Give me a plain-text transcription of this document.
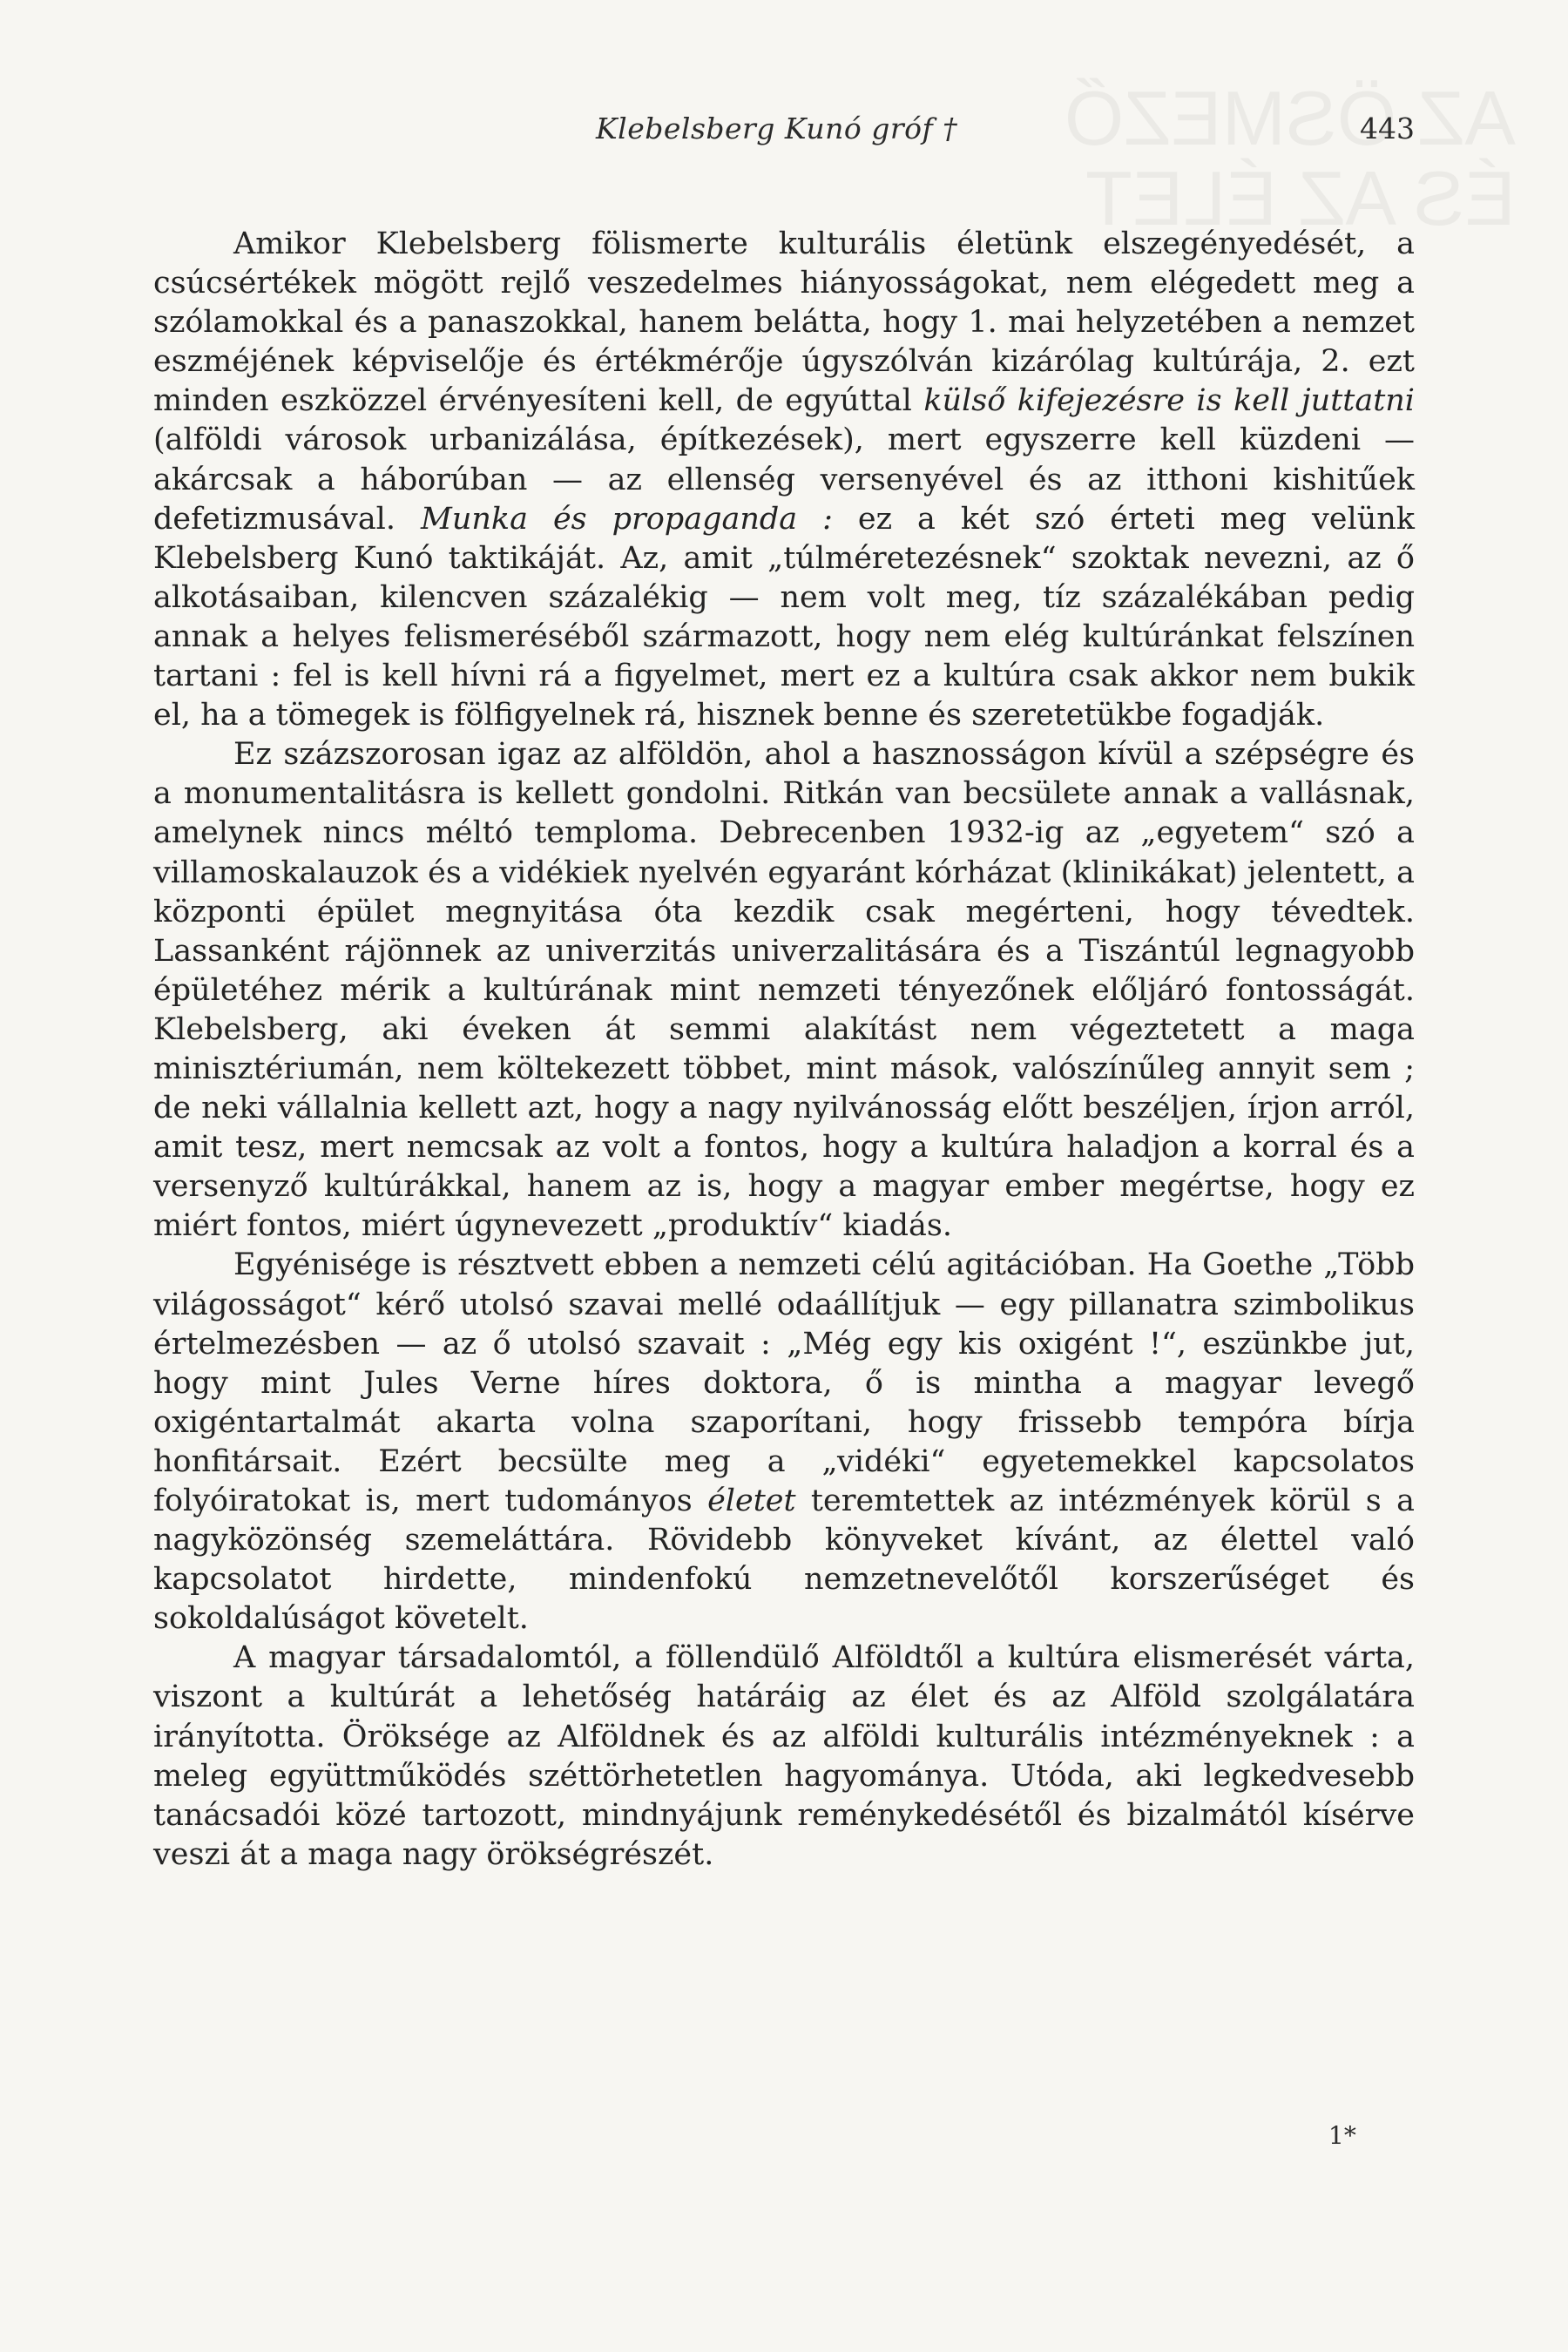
Klebelsberg Kunó gróf †	443

Amikor Klebelsberg fölismerte kulturális életünk elszegényedését, a csúcsértékek mögött rejlő veszedelmes hiányosságokat, nem elégedett meg a szólamokkal és a panaszokkal, hanem belátta, hogy 1. mai helyzetében a nemzet eszméjének képviselője és értékmérője úgyszólván kizárólag kultúrája, 2. ezt minden eszközzel érvényesíteni kell, de egyúttal külső kifejezésre is kell juttatni (alföldi városok urbanizálása, építkezések), mert egyszerre kell küzdeni — akárcsak a háborúban — az ellenség versenyével és az itthoni kishitűek defetizmusával. Munka és propaganda : ez a két szó érteti meg velünk Klebelsberg Kunó taktikáját. Az, amit „túlméretezésnek“ szoktak nevezni, az ő alkotásaiban, kilencven százalékig — nem volt meg, tíz százalékában pedig annak a helyes felismeréséből származott, hogy nem elég kultúránkat felszínen tartani : fel is kell hívni rá a figyelmet, mert ez a kultúra csak akkor nem bukik el, ha a tömegek is fölfigyelnek rá, hisznek benne és szeretetükbe fogadják.

Ez százszorosan igaz az alföldön, ahol a hasznosságon kívül a szépségre és a monumentalitásra is kellett gondolni. Ritkán van becsülete annak a vallásnak, amelynek nincs méltó temploma. Debrecenben 1932-ig az „egyetem“ szó a villamoskalauzok és a vidékiek nyelvén egyaránt kórházat (klinikákat) jelentett, a központi épület megnyitása óta kezdik csak megérteni, hogy tévedtek. Lassanként rájönnek az univerzitás univerzalitására és a Tiszántúl legnagyobb épületéhez mérik a kultúrának mint nemzeti tényezőnek előljáró fontosságát. Klebelsberg, aki éveken át semmi alakítást nem végeztetett a maga minisztériumán, nem költekezett többet, mint mások, valószínűleg annyit sem ; de neki vállalnia kellett azt, hogy a nagy nyilvánosság előtt beszéljen, írjon arról, amit tesz, mert nemcsak az volt a fontos, hogy a kultúra haladjon a korral és a versenyző kultúrákkal, hanem az is, hogy a magyar ember megértse, hogy ez miért fontos, miért úgynevezett „produktív“ kiadás.

Egyénisége is résztvett ebben a nemzeti célú agitációban. Ha Goethe „Több világosságot“ kérő utolsó szavai mellé odaállítjuk — egy pillanatra szimbolikus értelmezésben — az ő utolsó szavait : „Még egy kis oxigént !“, eszünkbe jut, hogy mint Jules Verne híres doktora, ő is mintha a magyar levegő oxigéntartalmát akarta volna szaporítani, hogy frissebb tempóra bírja honfitársait. Ezért becsülte meg a „vidéki“ egyetemekkel kapcsolatos folyóiratokat is, mert tudományos életet teremtettek az intézmények körül s a nagyközönség szemeláttára. Rövidebb könyveket kívánt, az élettel való kapcsolatot hirdette, mindenfokú nemzetnevelőtől korszerűséget és sokoldalúságot követelt.

A magyar társadalomtól, a föllendülő Alföldtől a kultúra elismerését várta, viszont a kultúrát a lehetőség határáig az élet és az Alföld szolgálatára irányította. Öröksége az Alföldnek és az alföldi kulturális intézményeknek : a meleg együttműködés széttörhetetlen hagyománya. Utóda, aki legkedvesebb tanácsadói közé tartozott, mindnyájunk reménykedésétől és bizalmától kísérve veszi át a maga nagy örökségrészét.

1*
